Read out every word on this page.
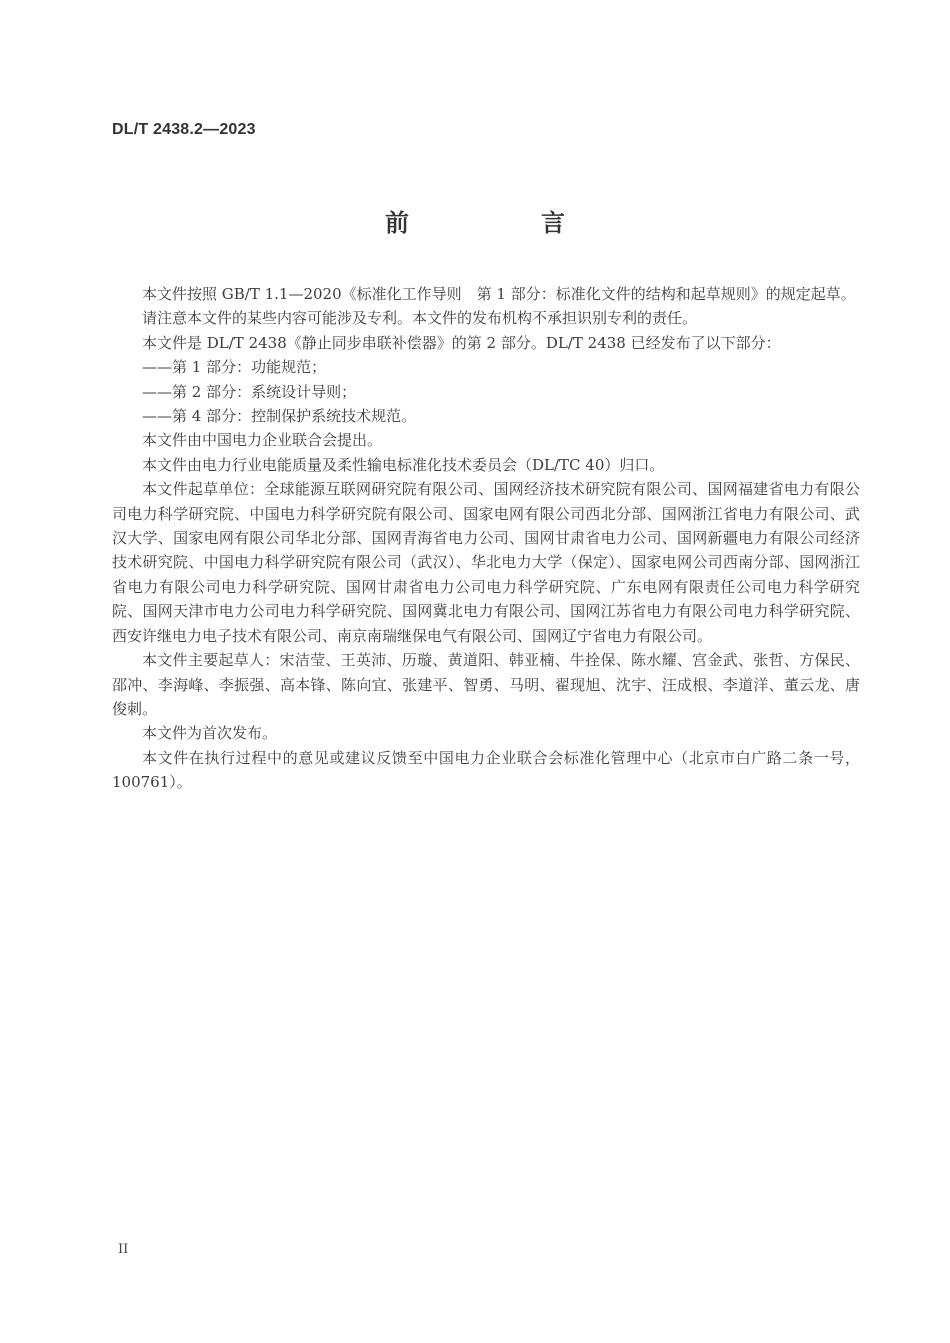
DL/T 2438.2—2023
前　言

本文件按照 GB/T 1.1—2020《标准化工作导则　第 1 部分：标准化文件的结构和起草规则》的规定起草。

请注意本文件的某些内容可能涉及专利。本文件的发布机构不承担识别专利的责任。

本文件是 DL/T 2438《静止同步串联补偿器》的第 2 部分。DL/T 2438 已经发布了以下部分：

——第 1 部分：功能规范；

——第 2 部分：系统设计导则；

——第 4 部分：控制保护系统技术规范。

本文件由中国电力企业联合会提出。

本文件由电力行业电能质量及柔性输电标准化技术委员会（DL/TC 40）归口。

本文件起草单位：全球能源互联网研究院有限公司、国网经济技术研究院有限公司、国网福建省电力有限公司电力科学研究院、中国电力科学研究院有限公司、国家电网有限公司西北分部、国网浙江省电力有限公司、武汉大学、国家电网有限公司华北分部、国网青海省电力公司、国网甘肃省电力公司、国网新疆电力有限公司经济技术研究院、中国电力科学研究院有限公司（武汉）、华北电力大学（保定）、国家电网公司西南分部、国网浙江省电力有限公司电力科学研究院、国网甘肃省电力公司电力科学研究院、广东电网有限责任公司电力科学研究院、国网天津市电力公司电力科学研究院、国网冀北电力有限公司、国网江苏省电力有限公司电力科学研究院、西安许继电力电子技术有限公司、南京南瑞继保电气有限公司、国网辽宁省电力有限公司。

本文件主要起草人：宋洁莹、王英沛、历璇、黄道阳、韩亚楠、牛拴保、陈水耀、宫金武、张哲、方保民、邵冲、李海峰、李振强、高本锋、陈向宜、张建平、智勇、马明、翟现旭、沈宇、汪成根、李道洋、董云龙、唐俊刺。

本文件为首次发布。

本文件在执行过程中的意见或建议反馈至中国电力企业联合会标准化管理中心（北京市白广路二条一号，100761）。

II
